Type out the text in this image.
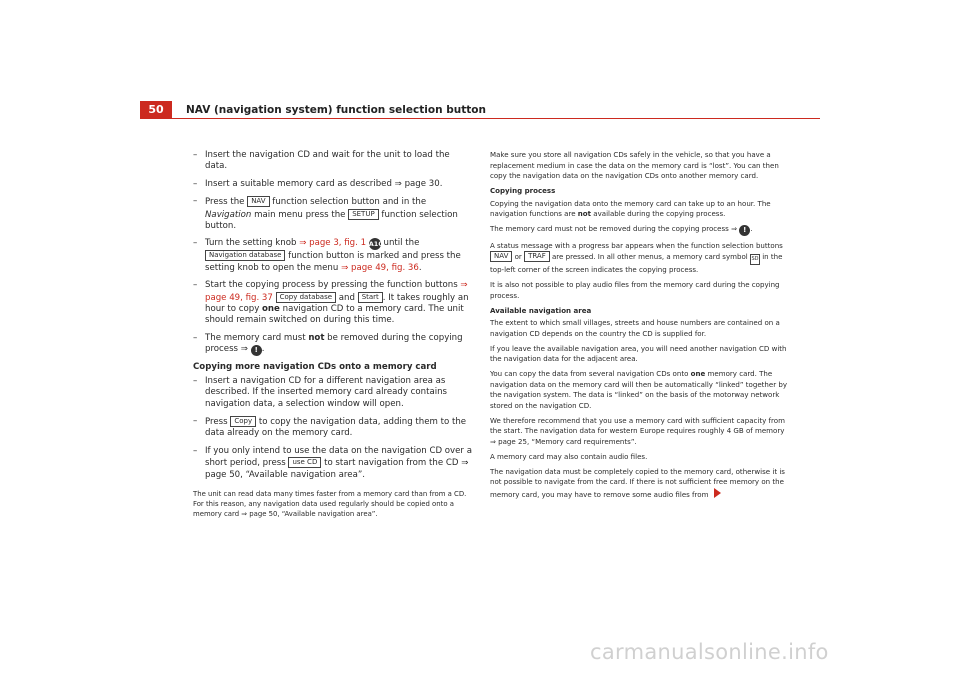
50	NAV (navigation system) function selection button
– Insert the navigation CD and wait for the unit to load the data.
– Insert a suitable memory card as described ⇒ page 30.
– Press the NAV function selection button and in the Navigation main menu press the SETUP function selection button.
– Turn the setting knob ⇒ page 3, fig. 1 A10 until the Navigation database function button is marked and press the setting knob to open the menu ⇒ page 49, fig. 36.
– Start the copying process by pressing the function buttons ⇒ page 49, fig. 37 Copy database and Start . It takes roughly an hour to copy one navigation CD to a memory card. The unit should remain switched on during this time.
– The memory card must not be removed during the copying process ⇒ ! .
Copying more navigation CDs onto a memory card
– Insert a navigation CD for a different navigation area as described. If the inserted memory card already contains navigation data, a selection window will open.
– Press Copy to copy the navigation data, adding them to the data already on the memory card.
– If you only intend to use the data on the navigation CD over a short period, press use CD to start navigation from the CD ⇒ page 50, “Available navigation area”.
The unit can read data many times faster from a memory card than from a CD. For this reason, any navigation data used regularly should be copied onto a memory card ⇒ page 50, “Available navigation area”.
Make sure you store all navigation CDs safely in the vehicle, so that you have a replacement medium in case the data on the memory card is “lost”. You can then copy the navigation data on the navigation CDs onto another memory card.
Copying process
Copying the navigation data onto the memory card can take up to an hour. The navigation functions are not available during the copying process.
The memory card must not be removed during the copying process ⇒ ! .
A status message with a progress bar appears when the function selection buttons NAV or TRAF are pressed. In all other menus, a memory card symbol SD in the top-left corner of the screen indicates the copying process.
It is also not possible to play audio files from the memory card during the copying process.
Available navigation area
The extent to which small villages, streets and house numbers are contained on a navigation CD depends on the country the CD is supplied for.
If you leave the available navigation area, you will need another navigation CD with the navigation data for the adjacent area.
You can copy the data from several navigation CDs onto one memory card. The navigation data on the memory card will then be automatically “linked” together by the navigation system. The data is “linked” on the basis of the motorway network stored on the navigation CD.
We therefore recommend that you use a memory card with sufficient capacity from the start. The navigation data for western Europe requires roughly 4 GB of memory ⇒ page 25, “Memory card requirements”.
A memory card may also contain audio files.
The navigation data must be completely copied to the memory card, otherwise it is not possible to navigate from the card. If there is not sufficient free memory on the memory card, you may have to remove some audio files from
carmanualsonline.info
